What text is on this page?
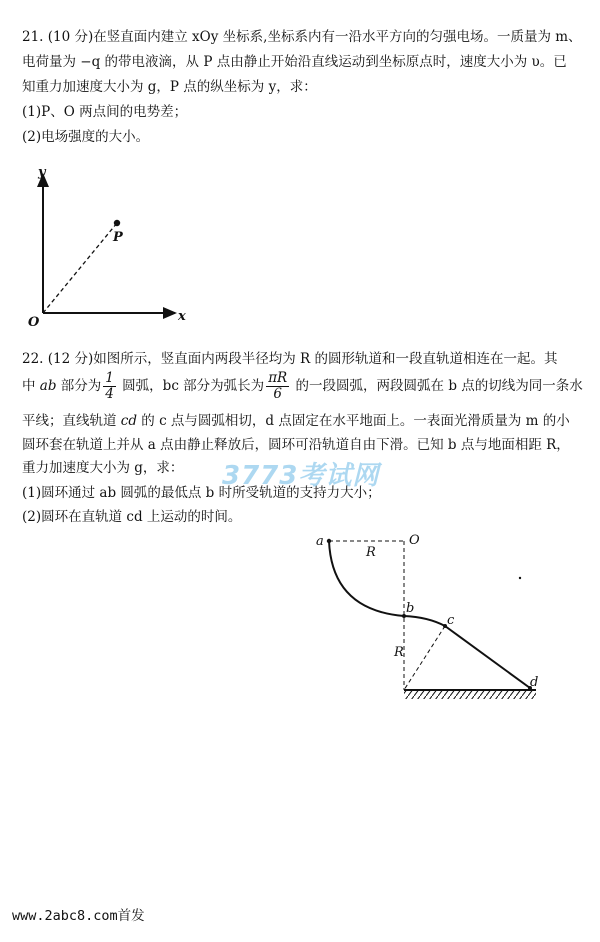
21. (10 分)在竖直面内建立 xOy 坐标系,坐标系内有一沿水平方向的匀强电场。一质量为 m、
电荷量为 −q 的带电液滴，从 P 点由静止开始沿直线运动到坐标原点时，速度大小为 υ。已
知重力加速度大小为 g，P 点的纵坐标为 y，求：
(1)P、O 两点间的电势差；
(2)电场强度的大小。
y
x
O
P
22. (12 分)如图所示，竖直面内两段半径均为 R 的圆形轨道和一段直轨道相连在一起。其
中 ab 部分为 $\frac{1}{4}$ 圆弧，bc 部分为弧长为 $\frac{\pi R}{6}$ 的一段圆弧，两段圆弧在 b 点的切线为同一条水
平线；直线轨道 cd 的 c 点与圆弧相切，d 点固定在水平地面上。一表面光滑质量为 m 的小
圆环套在轨道上并从 a 点由静止释放后，圆环可沿轨道自由下滑。已知 b 点与地面相距 R，
重力加速度大小为 g，求：
(1)圆环通过 ab 圆弧的最低点 b 时所受轨道的支持力大小；
(2)圆环在直轨道 cd 上运动的时间。
3773考试网
a	O
R
b
c
R
d
www.2abc8.com首发
